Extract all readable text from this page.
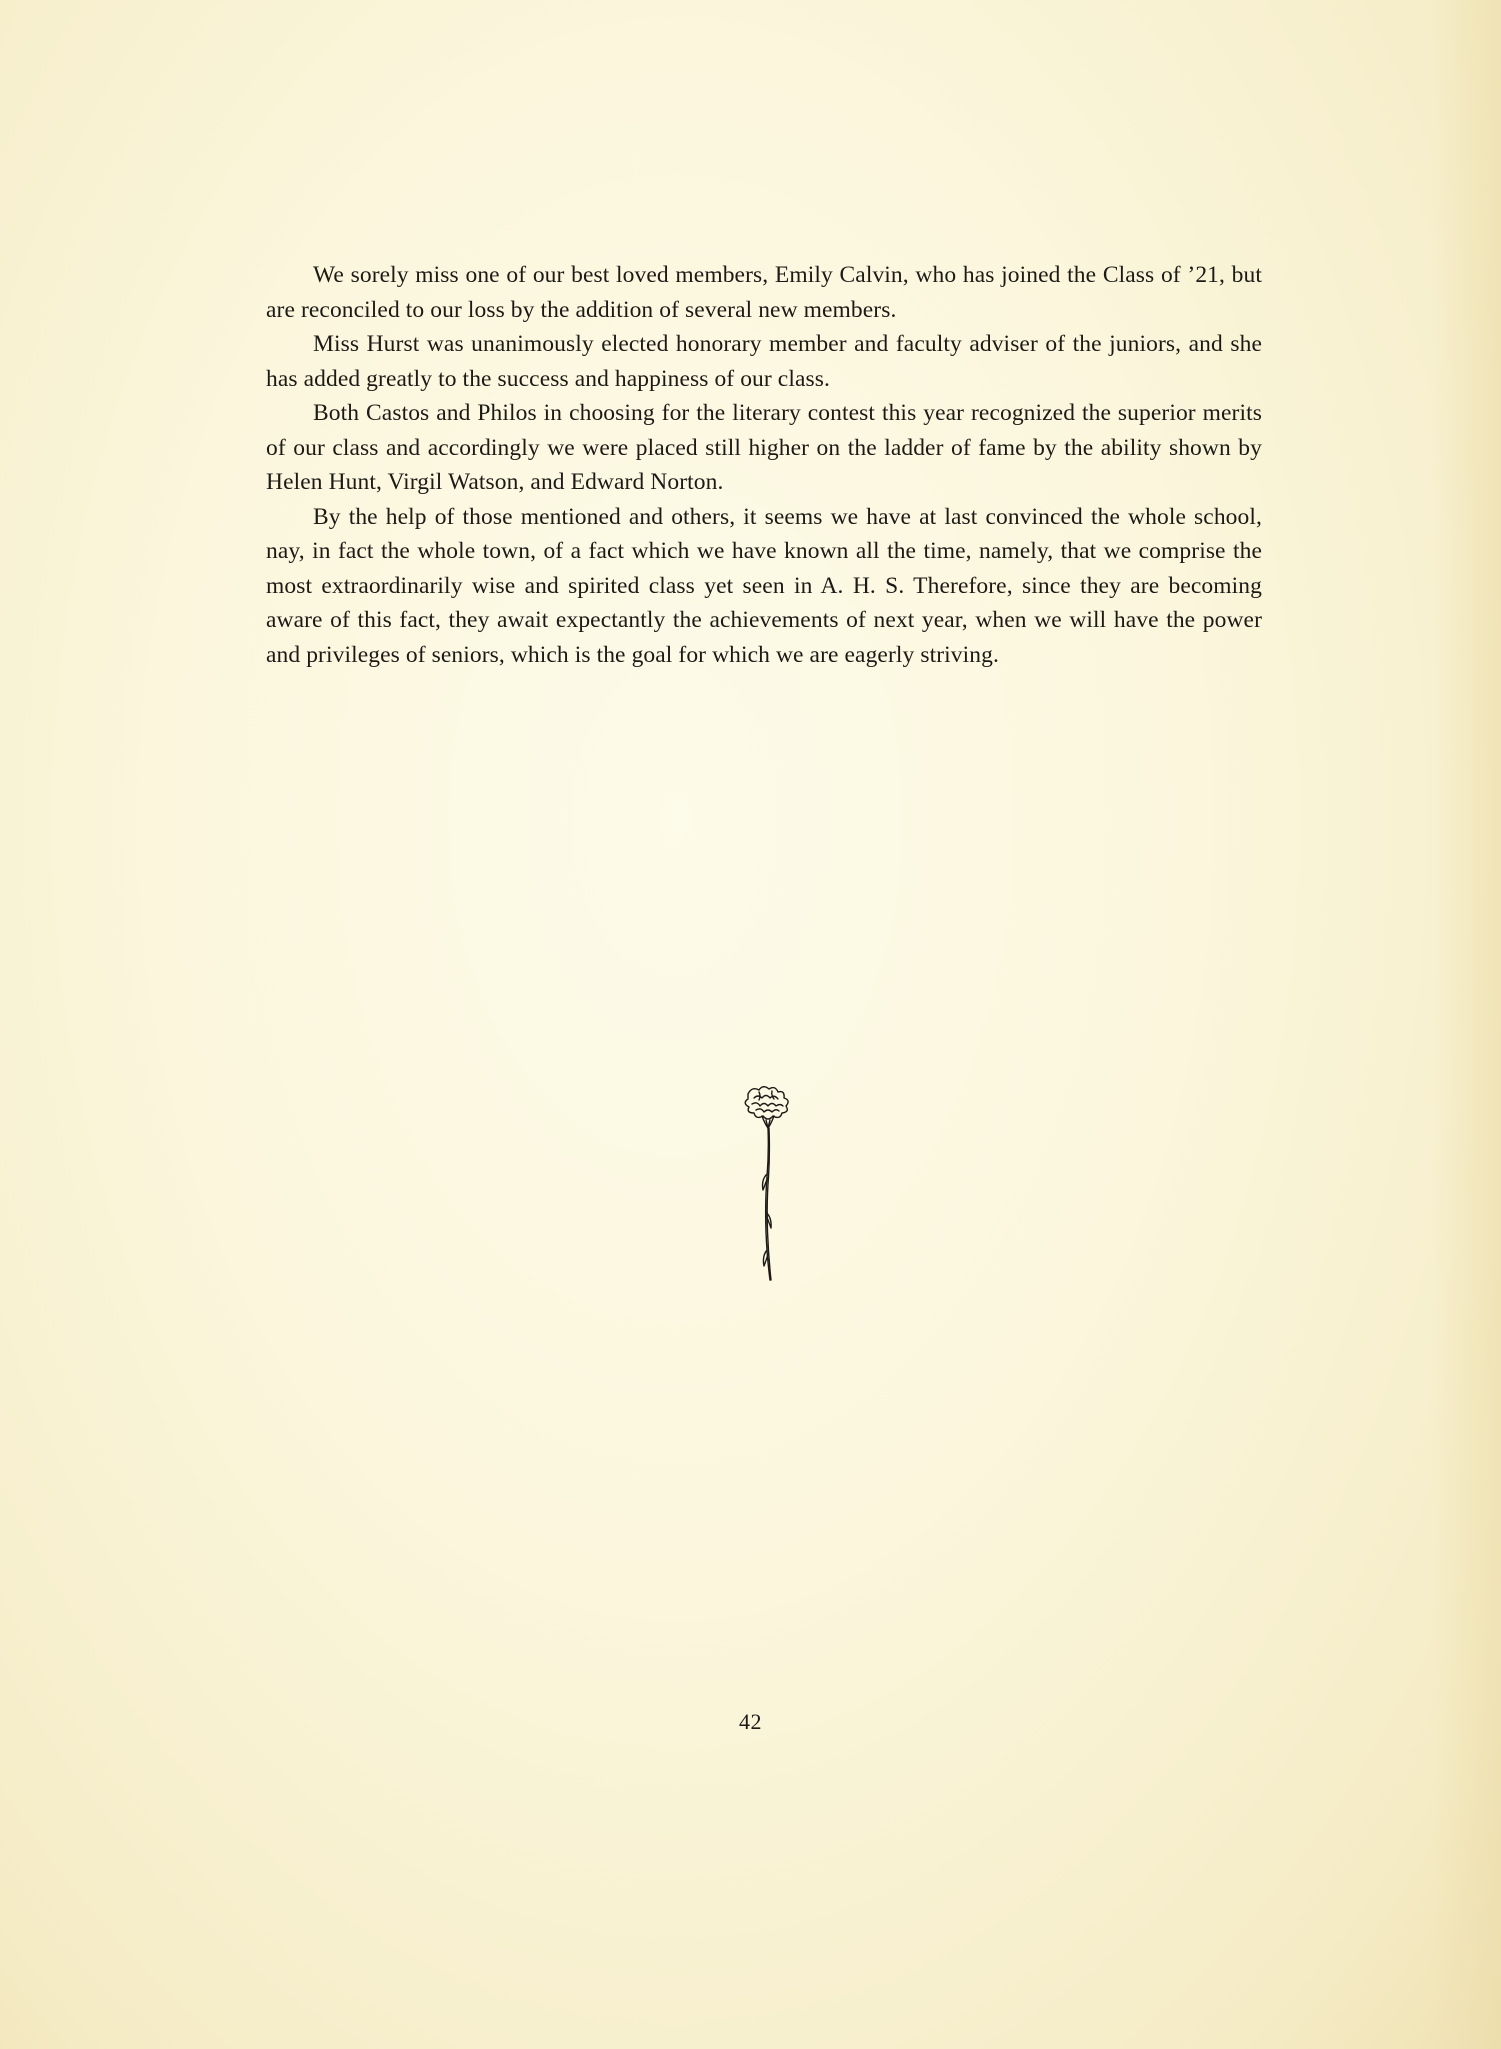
We sorely miss one of our best loved members, Emily Calvin, who has joined the Class of ’21, but are reconciled to our loss by the addition of several new members.

Miss Hurst was unanimously elected honorary member and faculty adviser of the juniors, and she has added greatly to the success and happiness of our class.

Both Castos and Philos in choosing for the literary contest this year recognized the superior merits of our class and accordingly we were placed still higher on the ladder of fame by the ability shown by Helen Hunt, Virgil Watson, and Edward Norton.

By the help of those mentioned and others, it seems we have at last convinced the whole school, nay, in fact the whole town, of a fact which we have known all the time, namely, that we comprise the most extraordinarily wise and spirited class yet seen in A. H. S. Therefore, since they are becoming aware of this fact, they await expectantly the achievements of next year, when we will have the power and privileges of seniors, which is the goal for which we are eagerly striving.

42
